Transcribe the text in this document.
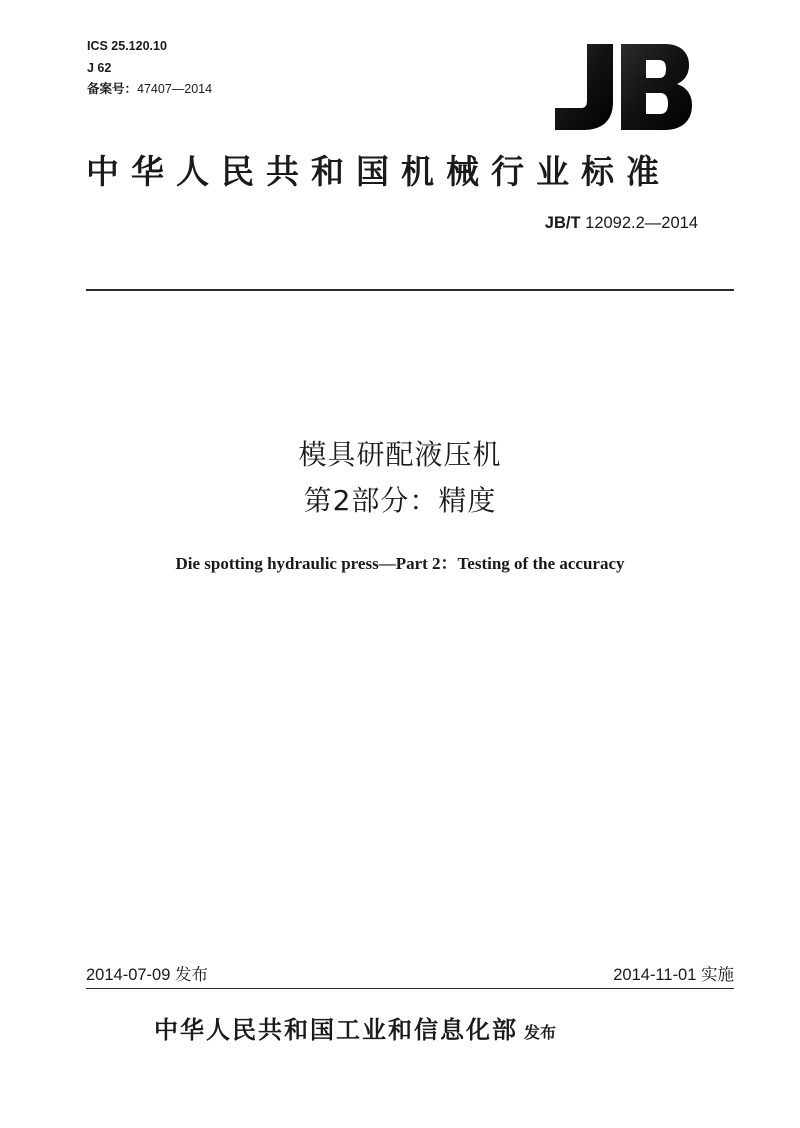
ICS 25.120.10
J 62
备案号：47407—2014
中华人民共和国机械行业标准
JB/T 12092.2—2014
模具研配液压机
第2部分：精度
Die spotting hydraulic press—Part 2：Testing of the accuracy
2014-07-09 发布	2014-11-01 实施
中华人民共和国工业和信息化部 发布
